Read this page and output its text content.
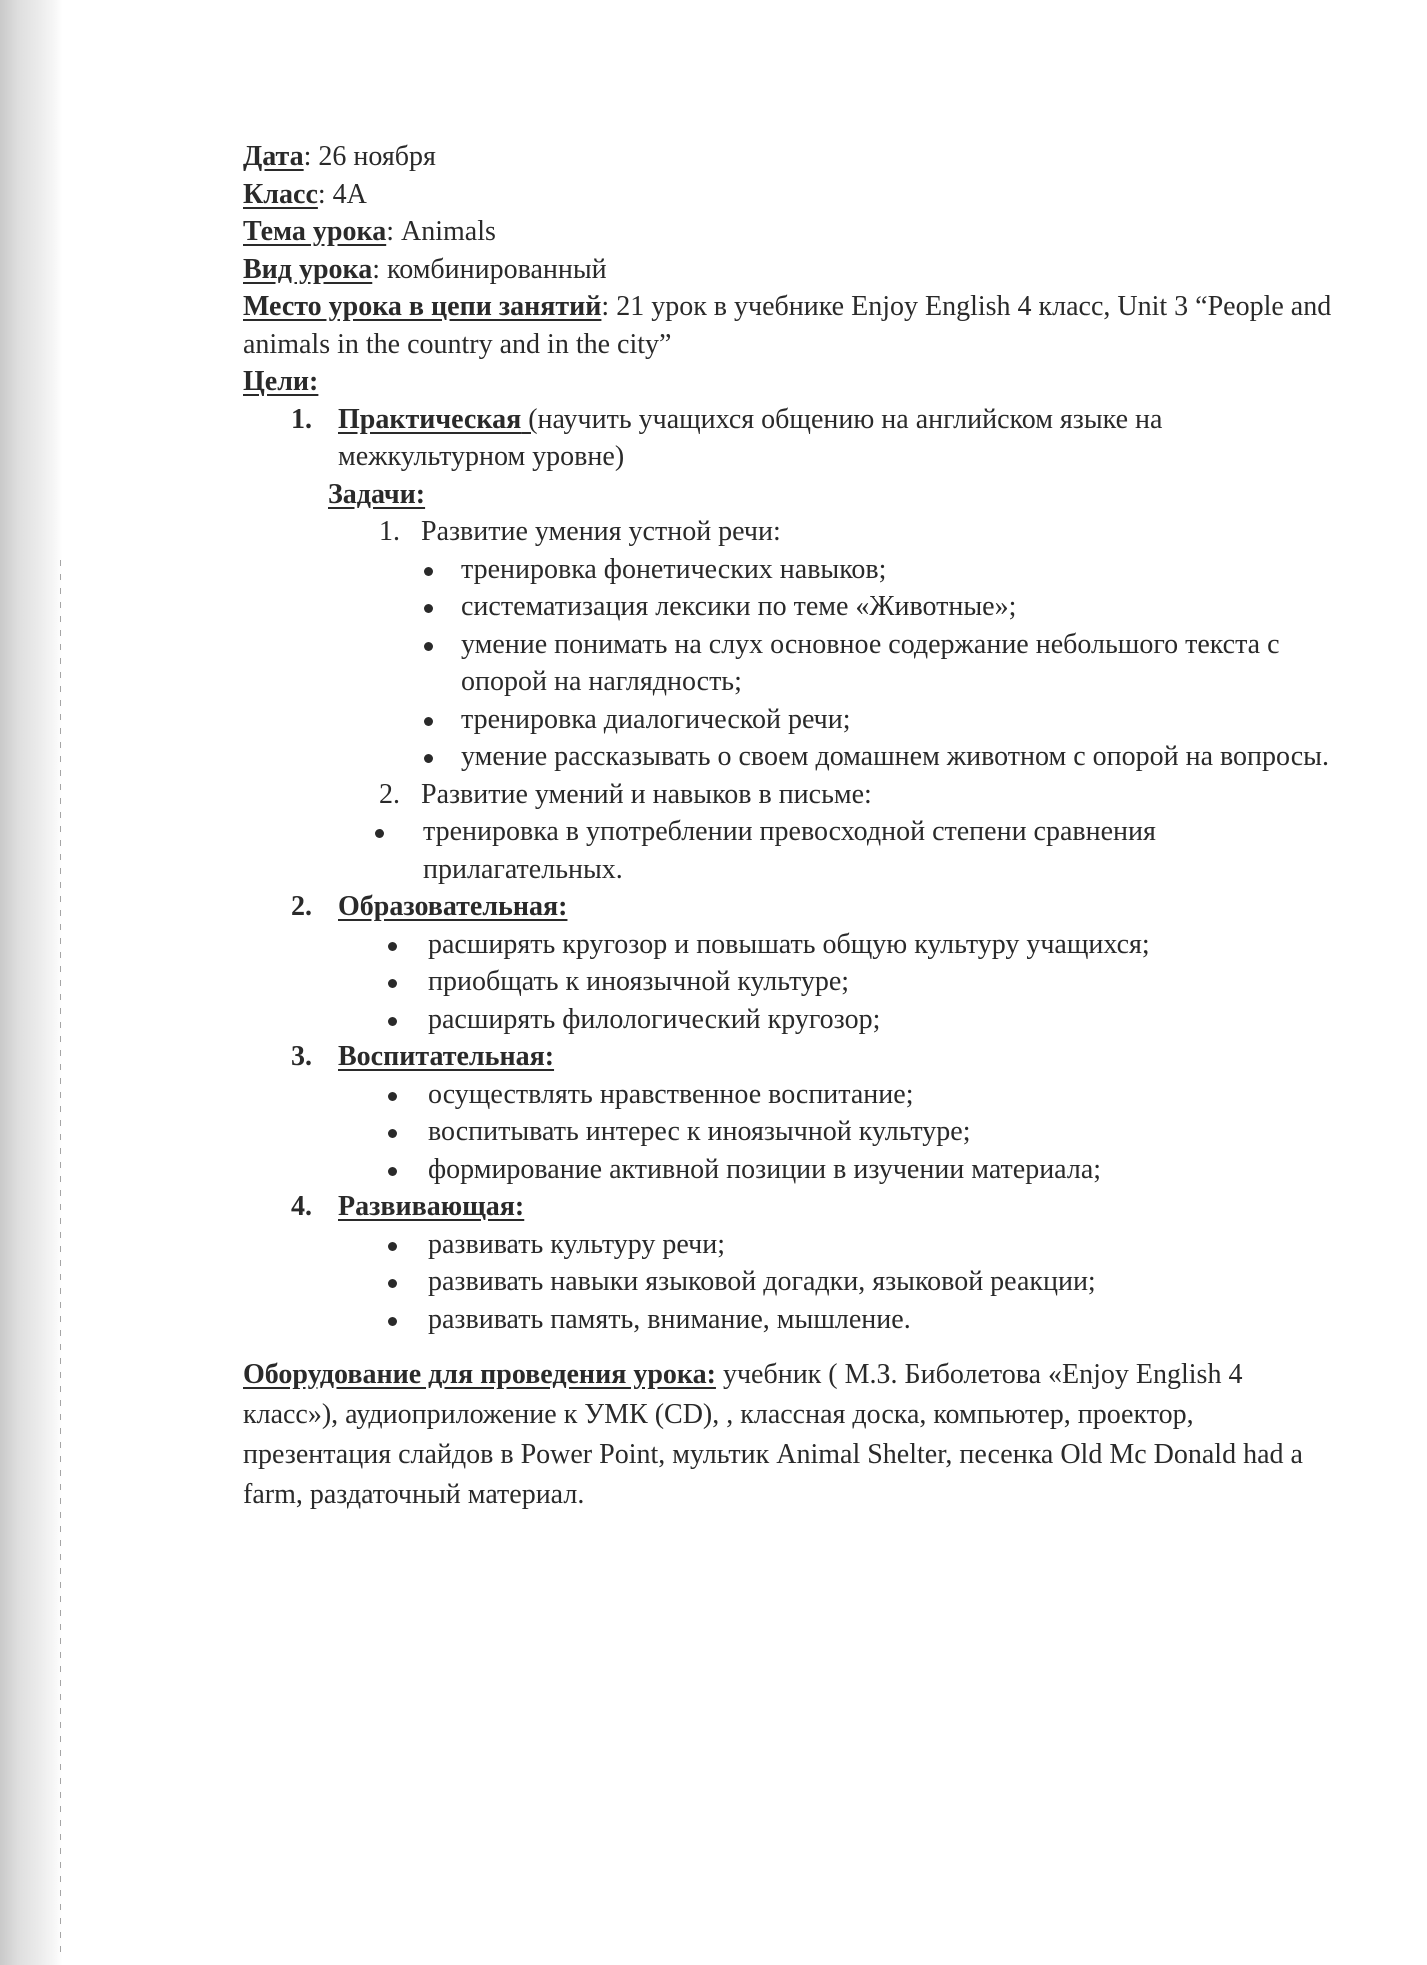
Дата: 26 ноября
Класс: 4А
Тема урока: Animals
Вид урока: комбинированный
Место урока в цепи занятий: 21 урок в учебнике Enjoy English 4 класс, Unit 3 “People and animals in the country and in the city”
Цели:
1. Практическая (научить учащихся общению на английском языке на межкультурном уровне)
Задачи:
1. Развитие умения устной речи:
тренировка фонетических навыков;
систематизация лексики по теме «Животные»;
умение понимать на слух основное содержание небольшого текста с опорой на наглядность;
тренировка диалогической речи;
умение рассказывать о своем домашнем животном с опорой на вопросы.
2. Развитие умений и навыков в письме:
тренировка в употреблении превосходной степени сравнения прилагательных.
2. Образовательная:
расширять кругозор и повышать общую культуру учащихся;
приобщать к иноязычной культуре;
расширять филологический кругозор;
3. Воспитательная:
осуществлять нравственное воспитание;
воспитывать интерес к иноязычной культуре;
формирование активной позиции в изучении материала;
4. Развивающая:
развивать культуру речи;
развивать навыки языковой догадки, языковой реакции;
развивать память, внимание, мышление.
Оборудование для проведения урока: учебник ( М.З. Биболетова «Enjoy English 4 класс»), аудиоприложение к УМК (CD), , классная доска, компьютер, проектор, презентация слайдов в Power Point, мультик Animal Shelter, песенка Old Mc Donald had a farm, раздаточный материал.
